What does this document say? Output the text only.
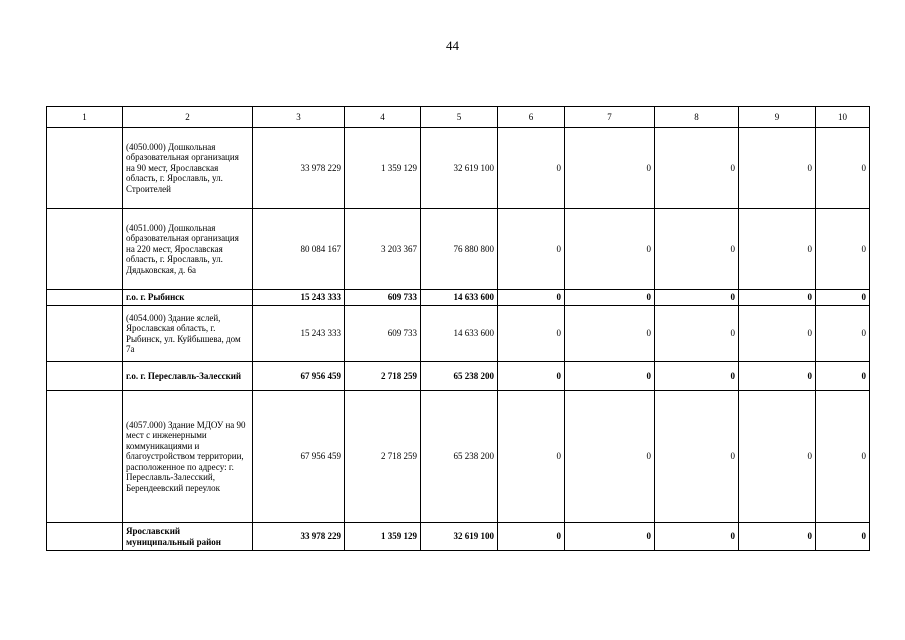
44
1	2	3	4	5	6	7	8	9	10
	(4050.000) Дошкольная образовательная организация на 90 мест, Ярославская область, г. Ярославль, ул. Строителей	33 978 229	1 359 129	32 619 100	0	0	0	0	0
	(4051.000) Дошкольная образовательная организация на 220 мест, Ярославская область, г. Ярославль, ул. Дядьковская, д. 6а	80 084 167	3 203 367	76 880 800	0	0	0	0	0
	г.о. г. Рыбинск	15 243 333	609 733	14 633 600	0	0	0	0	0
	(4054.000) Здание яслей, Ярославская область, г. Рыбинск, ул. Куйбышева, дом 7а	15 243 333	609 733	14 633 600	0	0	0	0	0
	г.о. г. Переславль-Залесский	67 956 459	2 718 259	65 238 200	0	0	0	0	0
	(4057.000) Здание МДОУ на 90 мест с инженерными коммуникациями и благоустройством территории, расположенное по адресу: г. Переславль-Залесский, Берендеевский переулок	67 956 459	2 718 259	65 238 200	0	0	0	0	0
	Ярославский муниципальный район	33 978 229	1 359 129	32 619 100	0	0	0	0	0
